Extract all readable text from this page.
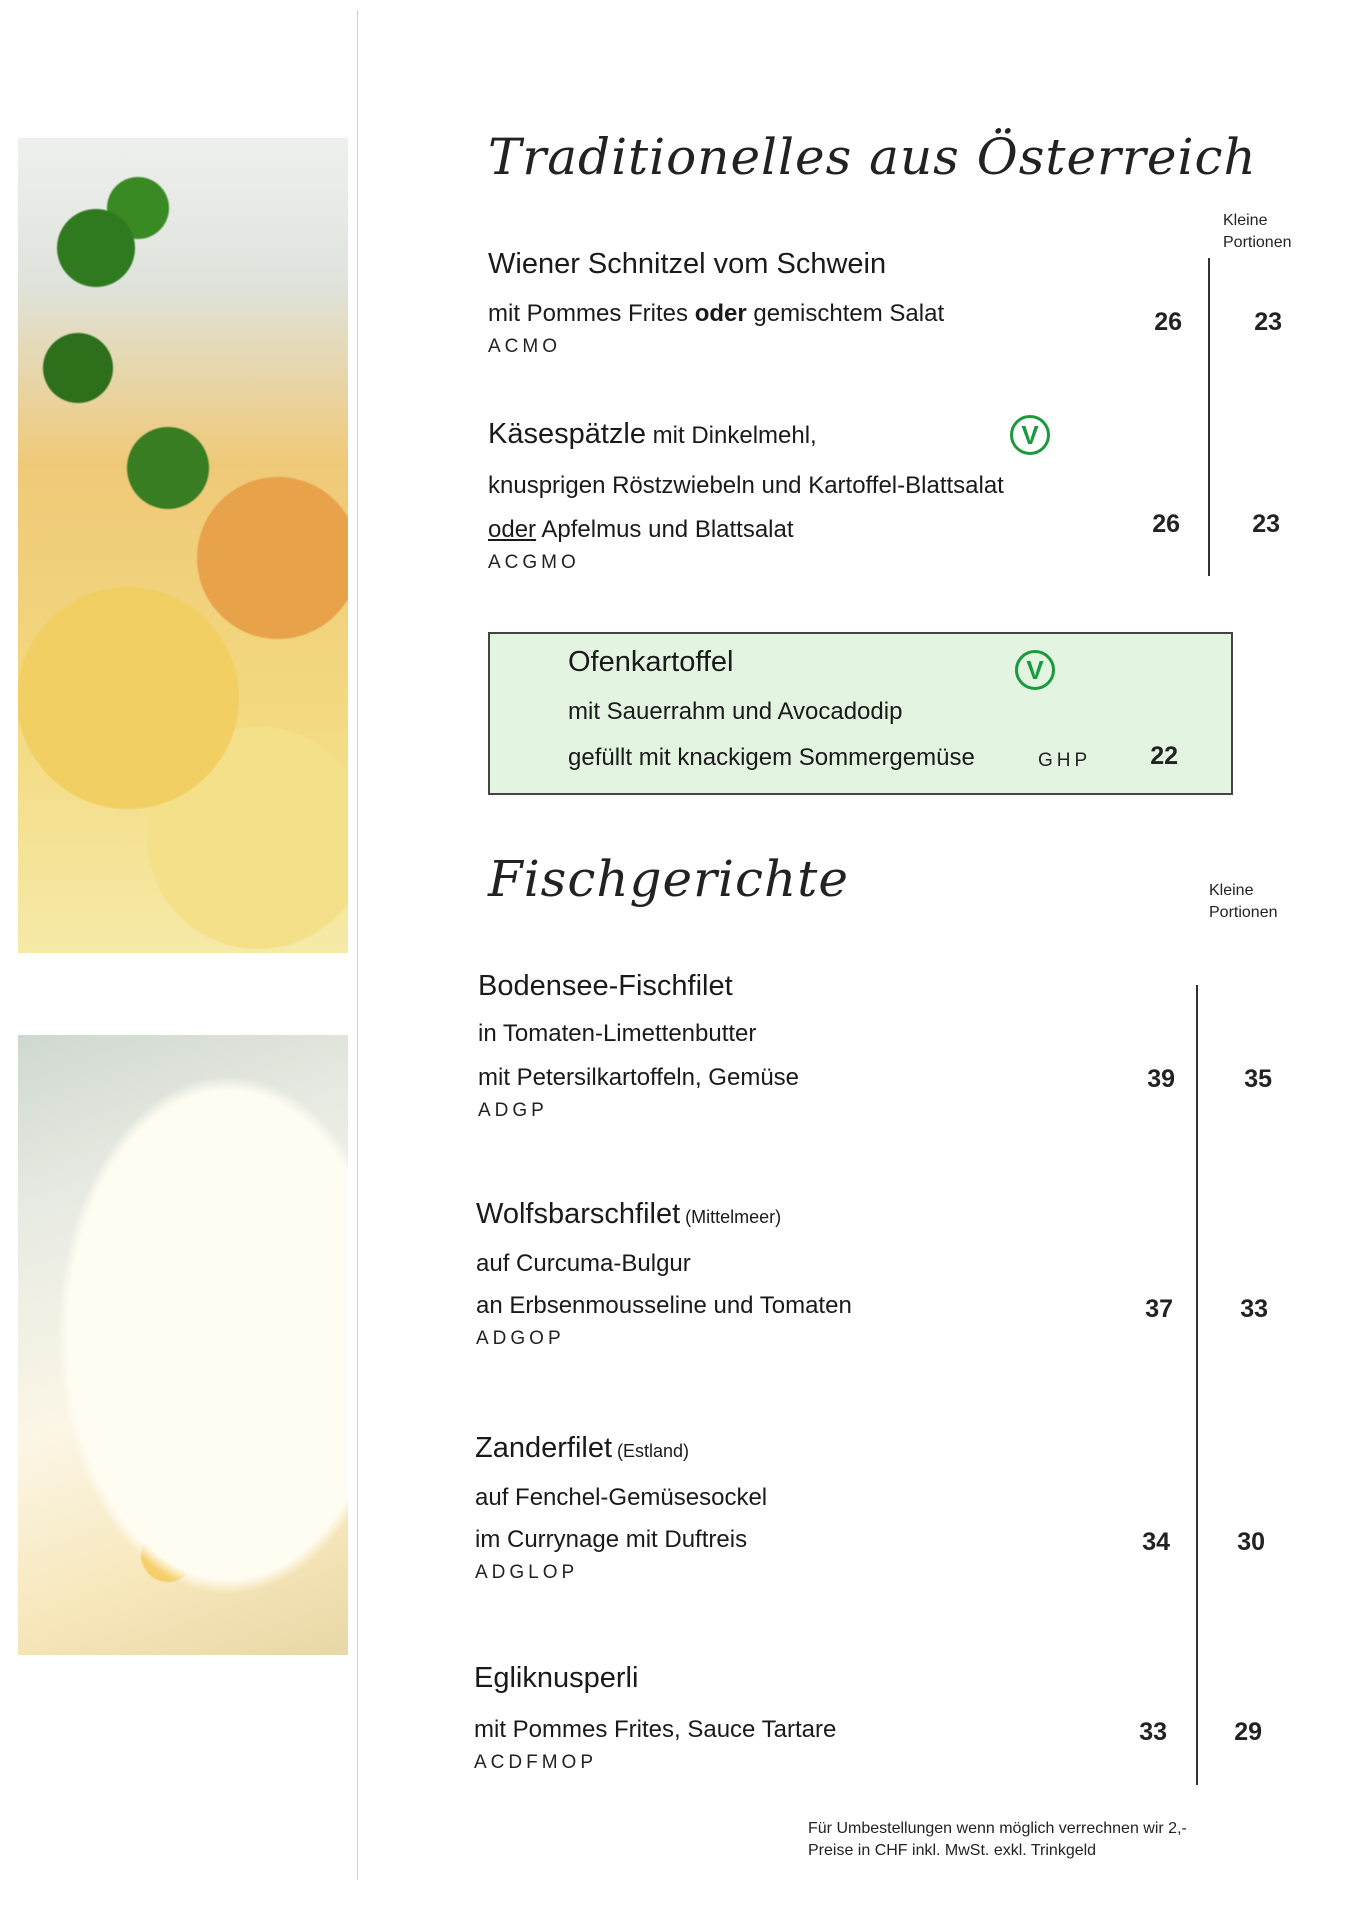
Traditionelles aus Österreich
Kleine
Portionen
Wiener Schnitzel vom Schwein
mit Pommes Frites oder gemischtem Salat
ACMO
26	23
Käsespätzle mit Dinkelmehl,	V
knusprigen Röstzwiebeln und Kartoffel-Blattsalat
oder Apfelmus und Blattsalat
ACGMO
26	23
Ofenkartoffel	V
mit Sauerrahm und Avocadodip
gefüllt mit knackigem Sommergemüse	GHP	22
Fischgerichte	Kleine
Portionen
Bodensee-Fischfilet
in Tomaten-Limettenbutter
mit Petersilkartoffeln, Gemüse
ADGP
39	35
Wolfsbarschfilet (Mittelmeer)
auf Curcuma-Bulgur
an Erbsenmousseline und Tomaten
ADGOP
37	33
Zanderfilet (Estland)
auf Fenchel-Gemüsesockel
im Currynage mit Duftreis
ADGLOP
34	30
Egliknusperli
mit Pommes Frites, Sauce Tartare
ACDFMOP
33	29
Für Umbestellungen wenn möglich verrechnen wir 2,-
Preise in CHF inkl. MwSt. exkl. Trinkgeld
